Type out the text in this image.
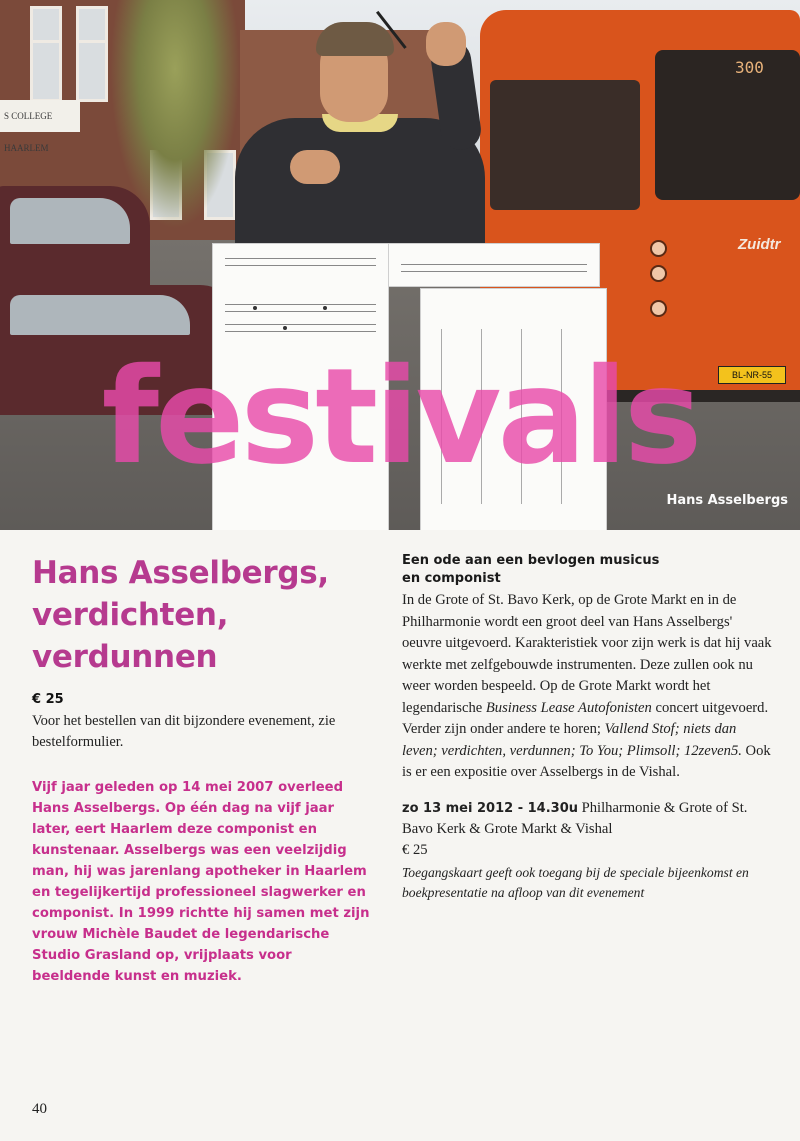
S COLLEGE HAARLEM
300
Zuidtr
BL-NR-55
festivals
Hans Asselbergs
Hans Asselbergs,
verdichten,
verdunnen
€ 25
Voor het bestellen van dit bijzondere evenement, zie bestelformulier.
Vijf jaar geleden op 14 mei 2007 overleed Hans Asselbergs. Op één dag na vijf jaar later, eert Haarlem deze componist en kunstenaar. Asselbergs was een veelzijdig man, hij was jarenlang apotheker in Haarlem en tegelijkertijd professioneel slagwerker en componist. In 1999 richtte hij samen met zijn vrouw Michèle Baudet de legendarische Studio Grasland op, vrijplaats voor beeldende kunst en muziek.
Een ode aan een bevlogen musicus
en componist
In de Grote of St. Bavo Kerk, op de Grote Markt en in de Philharmonie wordt een groot deel van Hans Asselbergs' oeuvre uitgevoerd. Karakteristiek voor zijn werk is dat hij vaak werkte met zelfgebouwde instrumenten. Deze zullen ook nu weer worden bespeeld. Op de Grote Markt wordt het legendarische Business Lease Autofonisten concert uitgevoerd. Verder zijn onder andere te horen; Vallend Stof; niets dan leven; verdichten, verdunnen; To You; Plimsoll; 12zeven5. Ook is er een expositie over Asselbergs in de Vishal.
zo 13 mei 2012 - 14.30u Philharmonie & Grote of St. Bavo Kerk & Grote Markt & Vishal
€ 25
Toegangskaart geeft ook toegang bij de speciale bijeenkomst en boekpresentatie na afloop van dit evenement
40
